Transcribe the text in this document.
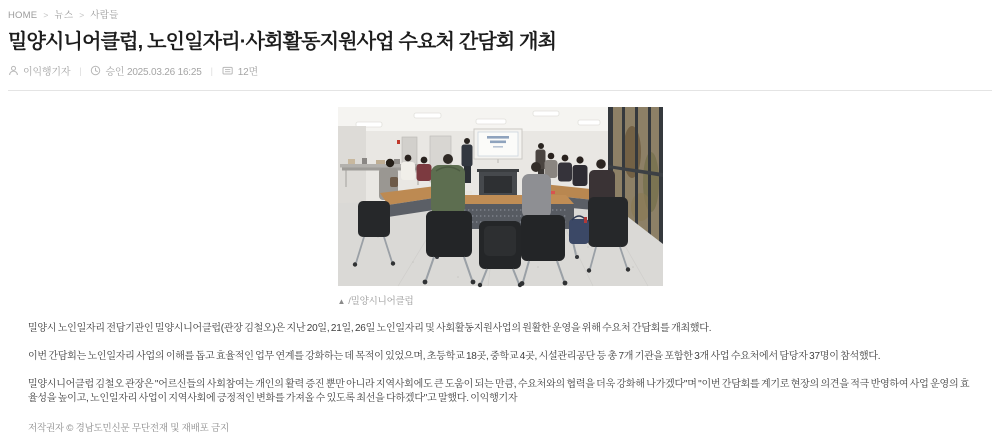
HOME > 뉴스 > 사람들
밀양시니어클럽, 노인일자리·사회활동지원사업 수요처 간담회 개최
이익행기자 | 승인 2025.03.26 16:25 |	12면
▲ /밀양시니어클럽

밀양시 노인일자리 전담기관인 밀양시니어클럽(관장 김철오)은 지난 20일, 21일, 26일 노인일자리 및 사회활동지원사업의 원활한 운영을 위해 수요처 간담회를 개최했다.

이번 간담회는 노인일자리 사업의 이해를 돕고 효율적인 업무 연계를 강화하는 데 목적이 있었으며, 초등학교 18곳, 중학교 4곳, 시설관리공단 등 총 7개 기관을 포함한 3개 사업 수요처에서 담당자 37명이 참석했다.

밀양시니어클럽 김철오 관장은 "어르신들의 사회참여는 개인의 활력 증진 뿐만 아니라 지역사회에도 큰 도움이 되는 만큼, 수요처와의 협력을 더욱 강화해 나가겠다"며 "이번 간담회를 계기로 현장의 의견을 적극 반영하여 사업 운영의 효율성을 높이고, 노인일자리 사업이 지역사회에 긍정적인 변화를 가져올 수 있도록 최선을 다하겠다"고 말했다. 이익행기자

저작권자 © 경남도민신문 무단전재 및 재배포 금지
